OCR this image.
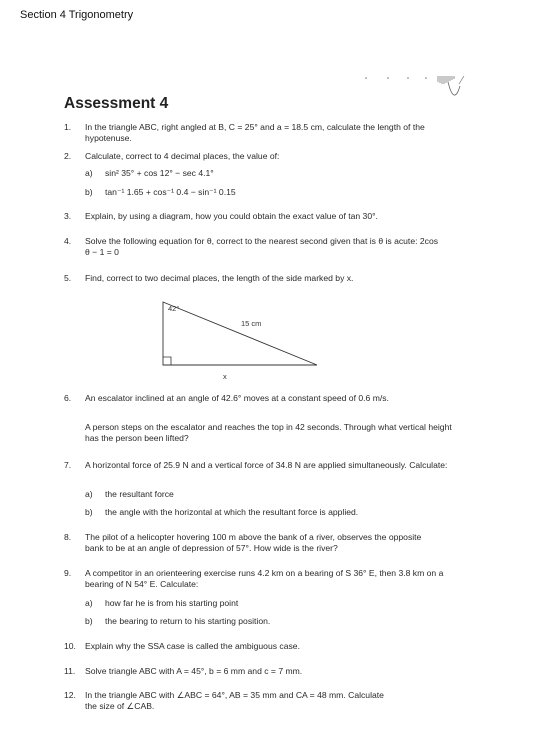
Section 4 Trigonometry
Assessment 4
1. In the triangle ABC, right angled at B, C = 25° and a = 18.5 cm, calculate the length of the hypotenuse.
2. Calculate, correct to 4 decimal places, the value of:
a) sin² 35° + cos 12° − sec 4.1°
b) tan⁻¹ 1.65 + cos⁻¹ 0.4 − sin⁻¹ 0.15
3. Explain, by using a diagram, how you could obtain the exact value of tan 30°.
4. Solve the following equation for θ, correct to the nearest second given that is θ is acute: 2cos θ − 1 = 0
5. Find, correct to two decimal places, the length of the side marked by x.
42°
15 cm
x
6. An escalator inclined at an angle of 42.6° moves at a constant speed of 0.6 m/s.
A person steps on the escalator and reaches the top in 42 seconds. Through what vertical height has the person been lifted?
7. A horizontal force of 25.9 N and a vertical force of 34.8 N are applied simultaneously. Calculate:
a) the resultant force
b) the angle with the horizontal at which the resultant force is applied.
8. The pilot of a helicopter hovering 100 m above the bank of a river, observes the opposite bank to be at an angle of depression of 57°. How wide is the river?
9. A competitor in an orienteering exercise runs 4.2 km on a bearing of S 36° E, then 3.8 km on a bearing of N 54° E. Calculate:
a) how far he is from his starting point
b) the bearing to return to his starting position.
10. Explain why the SSA case is called the ambiguous case.
11. Solve triangle ABC with A = 45°, b = 6 mm and c = 7 mm.
12. In the triangle ABC with ∠ABC = 64°, AB = 35 mm and CA = 48 mm. Calculate the size of ∠CAB.
